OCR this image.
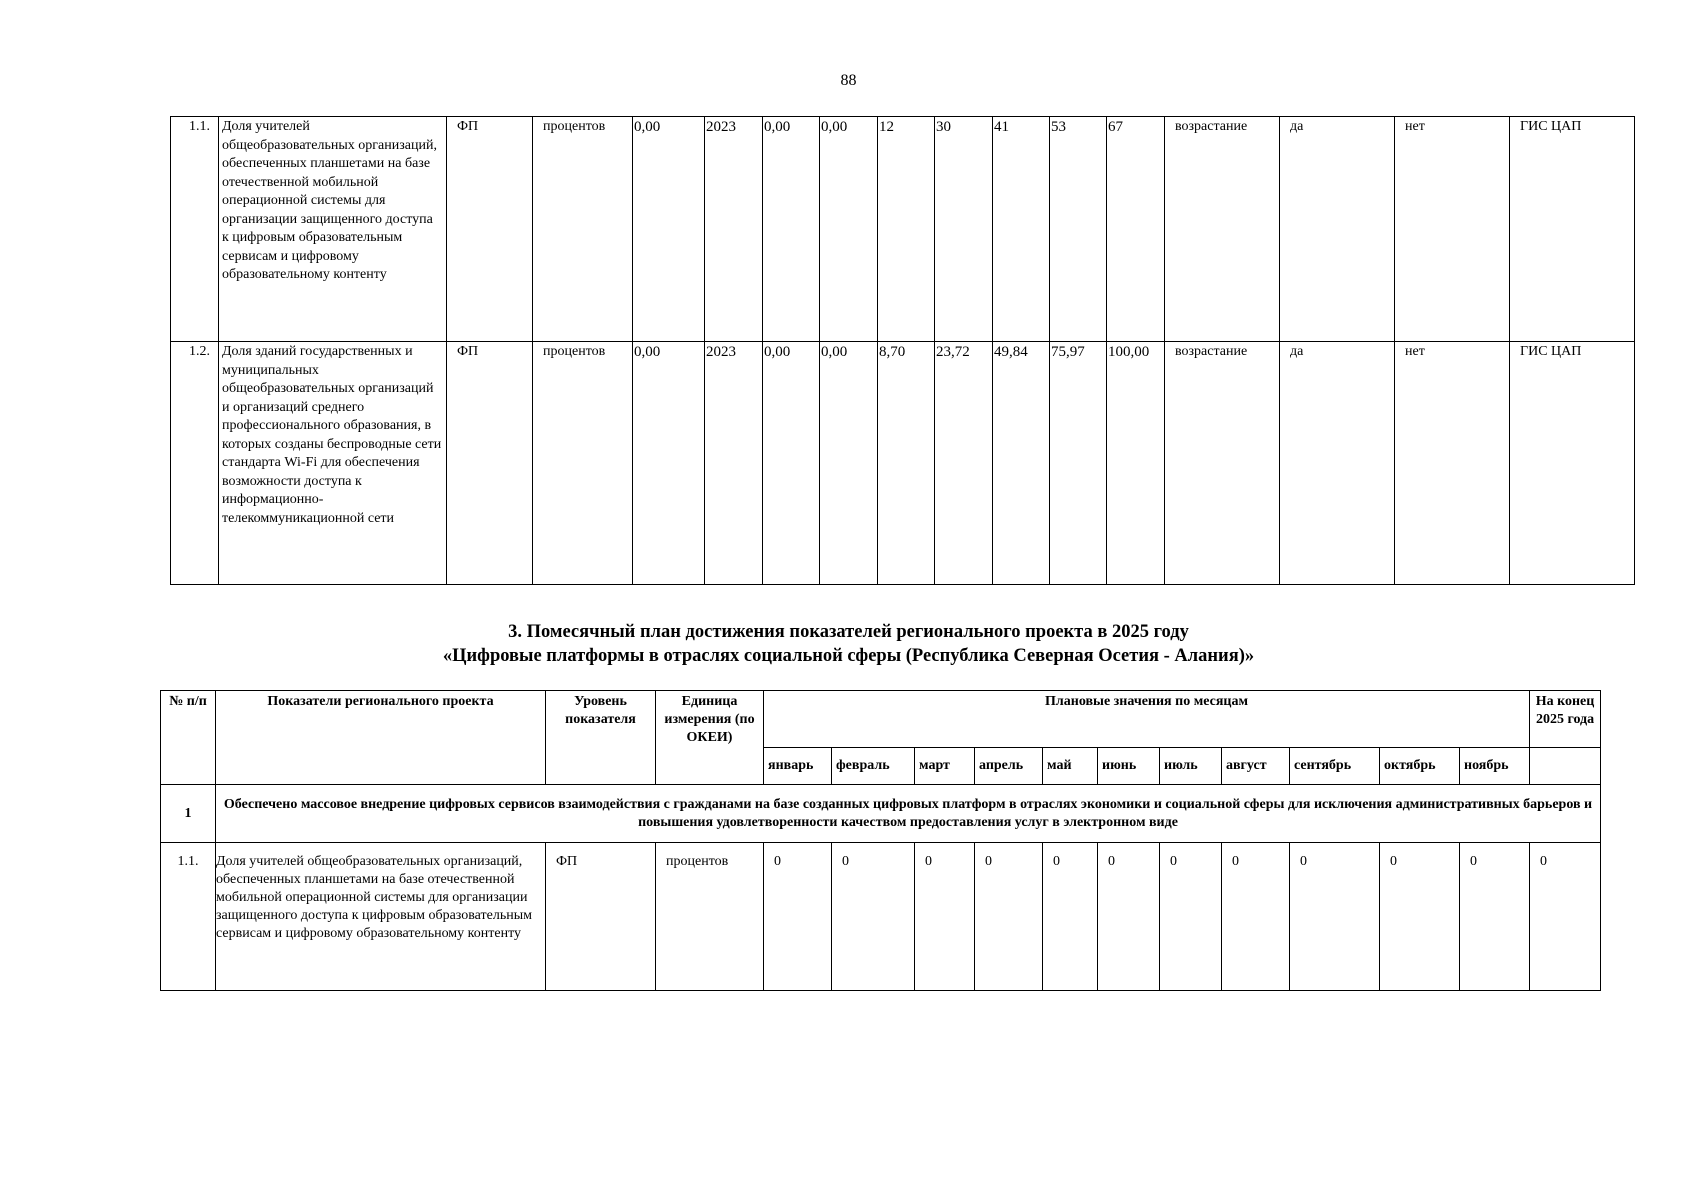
88
1.1.	Доля учителей общеобразовательных организаций, обеспеченных планшетами на базе отечественной мобильной операционной системы для организации защищенного доступа к цифровым образовательным сервисам и цифровому образовательному контенту	ФП	процентов	0,00	2023	0,00	0,00	12	30	41	53	67	возрастание	да	нет	ГИС ЦАП
1.2.	Доля зданий государственных и муниципальных общеобразовательных организаций и организаций среднего профессионального образования, в которых созданы беспроводные сети стандарта Wi-Fi для обеспечения возможности доступа к информационно-телекоммуникационной сети	ФП	процентов	0,00	2023	0,00	0,00	8,70	23,72	49,84	75,97	100,00	возрастание	да	нет	ГИС ЦАП
3. Помесячный план достижения показателей регионального проекта в 2025 году
«Цифровые платформы в отраслях социальной сферы (Республика Северная Осетия - Алания)»
№ п/п	Показатели регионального проекта	Уровень показателя	Единица измерения (по ОКЕИ)	Плановые значения по месяцам											На конец 2025 года
				январь	февраль	март	апрель	май	июнь	июль	август	сентябрь	октябрь	ноябрь	
1	Обеспечено массовое внедрение цифровых сервисов взаимодействия с гражданами на базе созданных цифровых платформ в отраслях экономики и социальной сферы для исключения административных барьеров и повышения удовлетворенности качеством предоставления услуг в электронном виде														
1.1.	Доля учителей общеобразовательных организаций, обеспеченных планшетами на базе отечественной мобильной операционной системы для организации защищенного доступа к цифровым образовательным сервисам и цифровому образовательному контенту	ФП	процентов	0	0	0	0	0	0	0	0	0	0	0	0
